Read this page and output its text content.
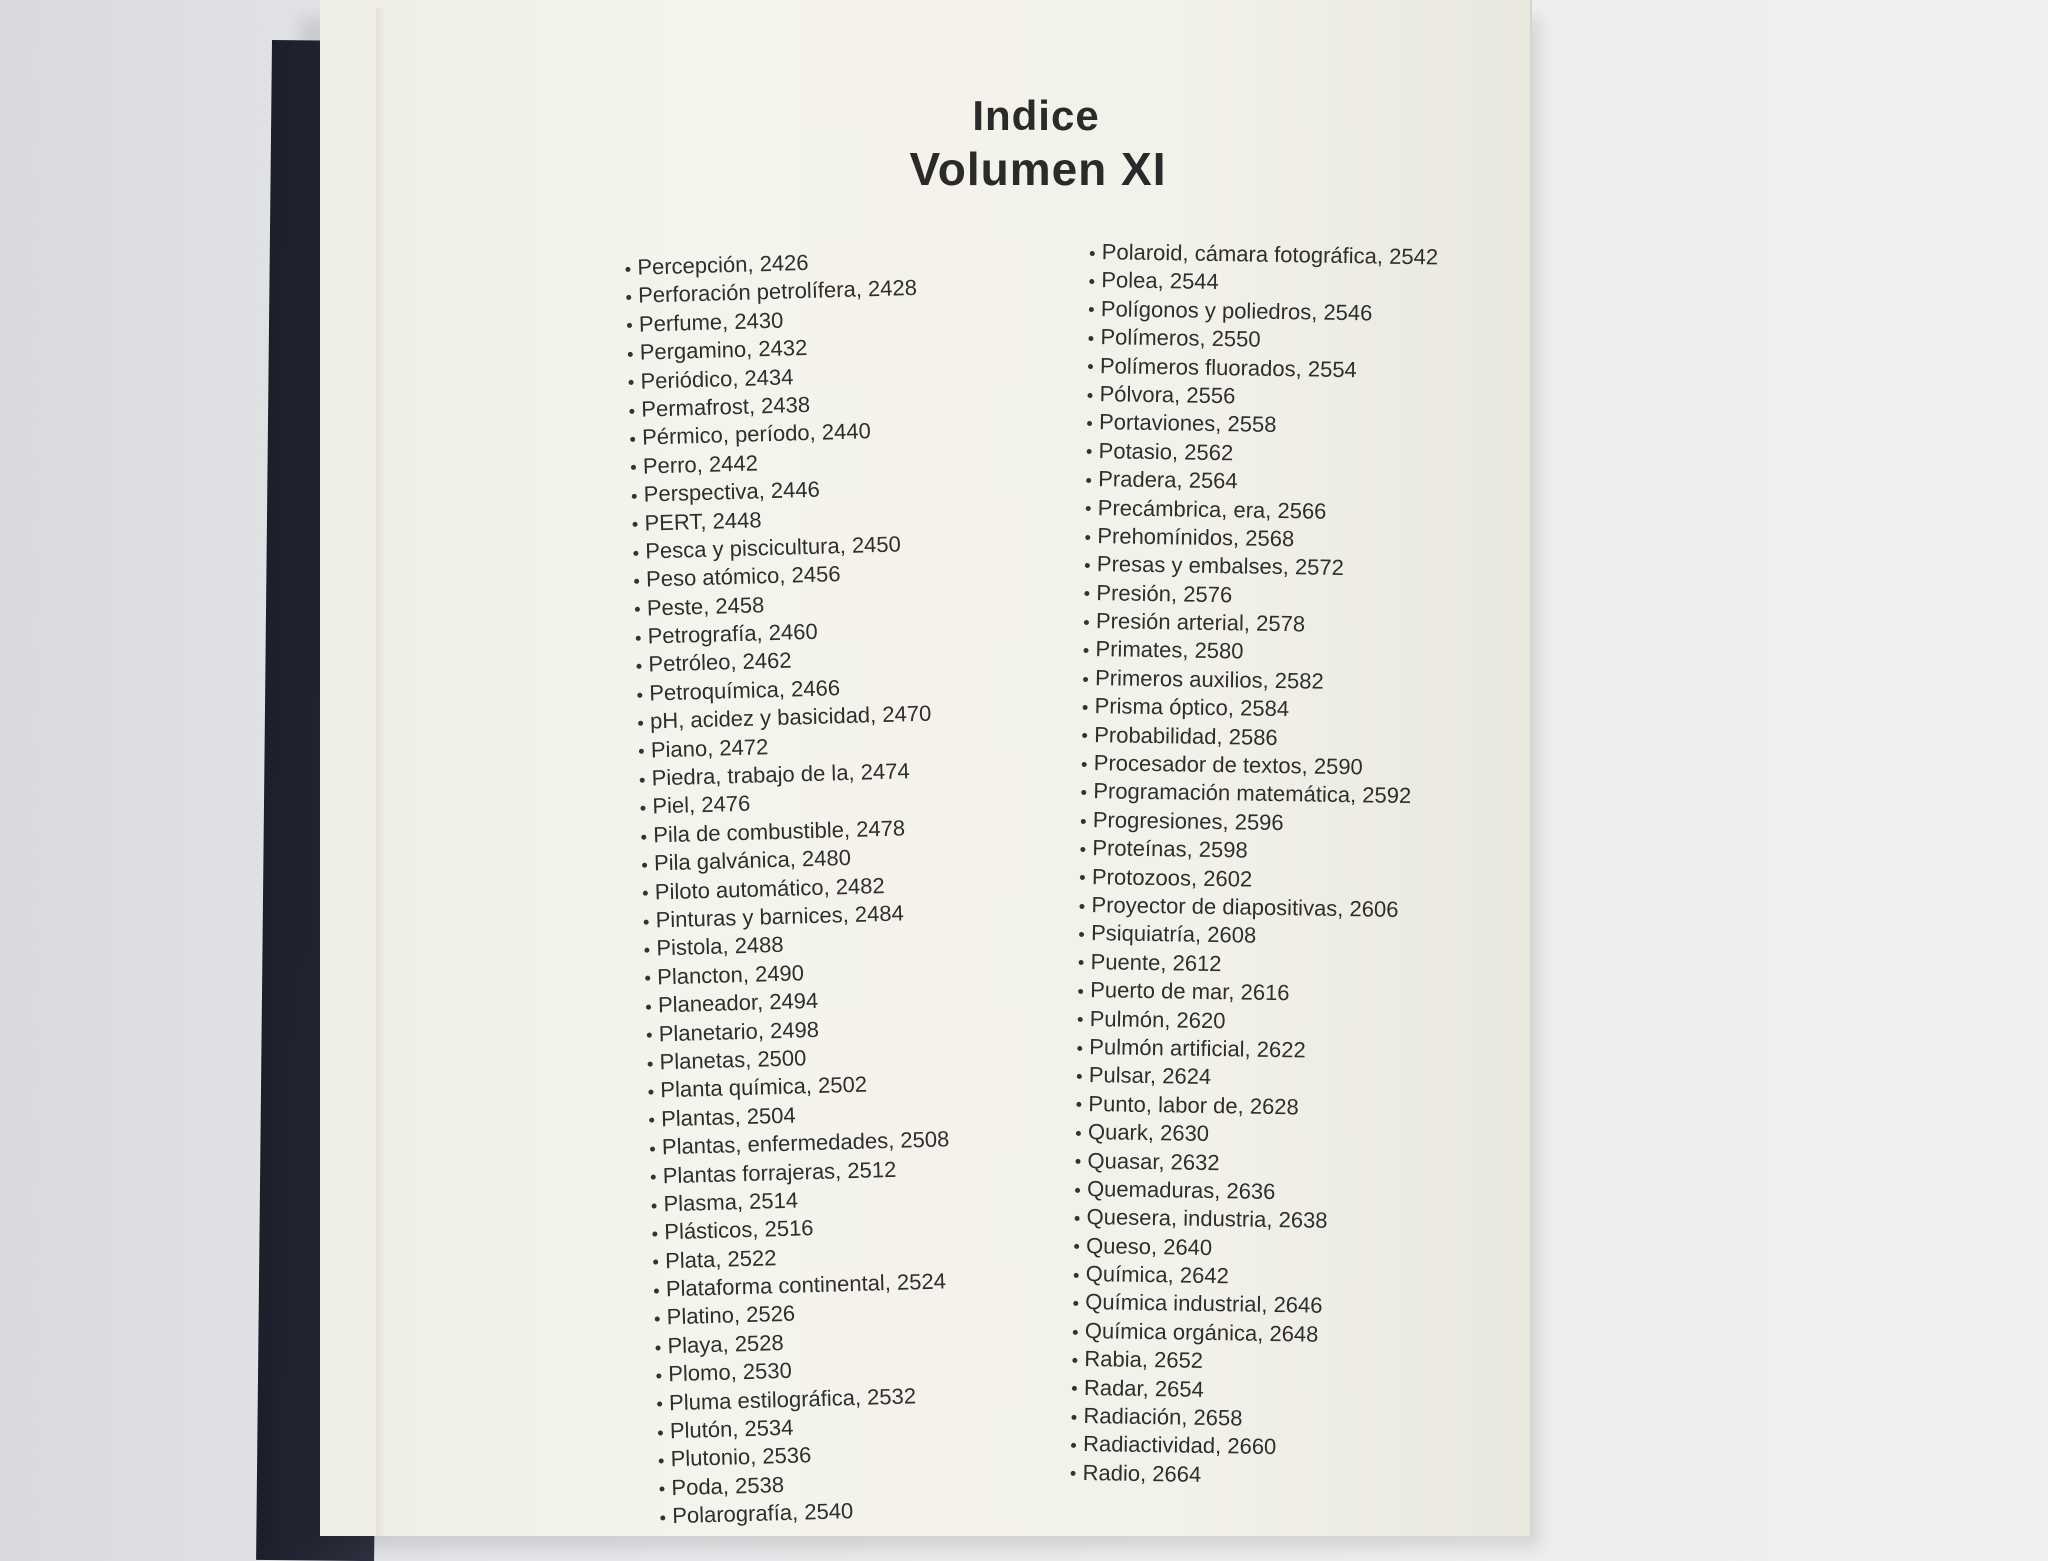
Indice
Volumen XI
Percepción, 2426
Perforación petrolífera, 2428
Perfume, 2430
Pergamino, 2432
Periódico, 2434
Permafrost, 2438
Pérmico, período, 2440
Perro, 2442
Perspectiva, 2446
PERT, 2448
Pesca y piscicultura, 2450
Peso atómico, 2456
Peste, 2458
Petrografía, 2460
Petróleo, 2462
Petroquímica, 2466
pH, acidez y basicidad, 2470
Piano, 2472
Piedra, trabajo de la, 2474
Piel, 2476
Pila de combustible, 2478
Pila galvánica, 2480
Piloto automático, 2482
Pinturas y barnices, 2484
Pistola, 2488
Plancton, 2490
Planeador, 2494
Planetario, 2498
Planetas, 2500
Planta química, 2502
Plantas, 2504
Plantas, enfermedades, 2508
Plantas forrajeras, 2512
Plasma, 2514
Plásticos, 2516
Plata, 2522
Plataforma continental, 2524
Platino, 2526
Playa, 2528
Plomo, 2530
Pluma estilográfica, 2532
Plutón, 2534
Plutonio, 2536
Poda, 2538
Polarografía, 2540
Polaroid, cámara fotográfica, 2542
Polea, 2544
Polígonos y poliedros, 2546
Polímeros, 2550
Polímeros fluorados, 2554
Pólvora, 2556
Portaviones, 2558
Potasio, 2562
Pradera, 2564
Precámbrica, era, 2566
Prehomínidos, 2568
Presas y embalses, 2572
Presión, 2576
Presión arterial, 2578
Primates, 2580
Primeros auxilios, 2582
Prisma óptico, 2584
Probabilidad, 2586
Procesador de textos, 2590
Programación matemática, 2592
Progresiones, 2596
Proteínas, 2598
Protozoos, 2602
Proyector de diapositivas, 2606
Psiquiatría, 2608
Puente, 2612
Puerto de mar, 2616
Pulmón, 2620
Pulmón artificial, 2622
Pulsar, 2624
Punto, labor de, 2628
Quark, 2630
Quasar, 2632
Quemaduras, 2636
Quesera, industria, 2638
Queso, 2640
Química, 2642
Química industrial, 2646
Química orgánica, 2648
Rabia, 2652
Radar, 2654
Radiación, 2658
Radiactividad, 2660
Radio, 2664
